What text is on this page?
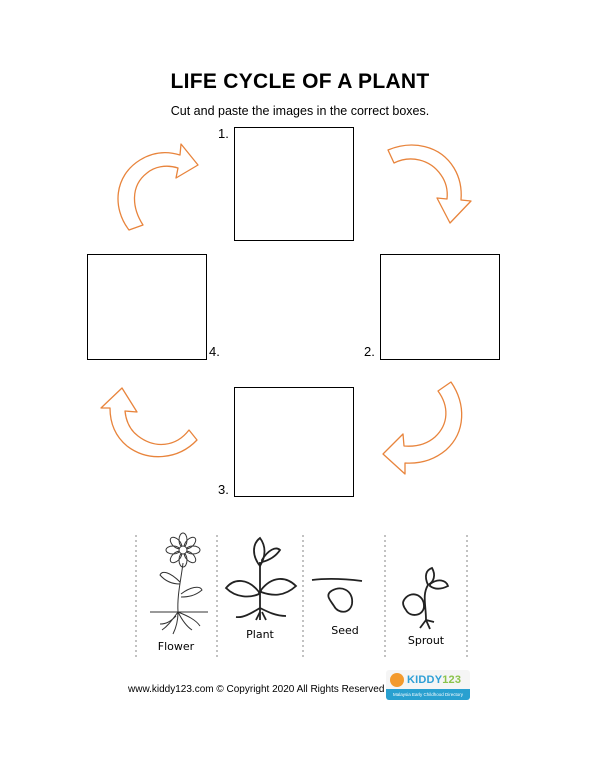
LIFE CYCLE OF A PLANT
Cut and paste the images in the correct boxes.
1.
2.
3.
4.
Flower
Plant	Seed
Sprout
www.kiddy123.com © Copyright 2020 All Rights Reserved
KIDDY 123
Malaysia Early Childhood Directory
